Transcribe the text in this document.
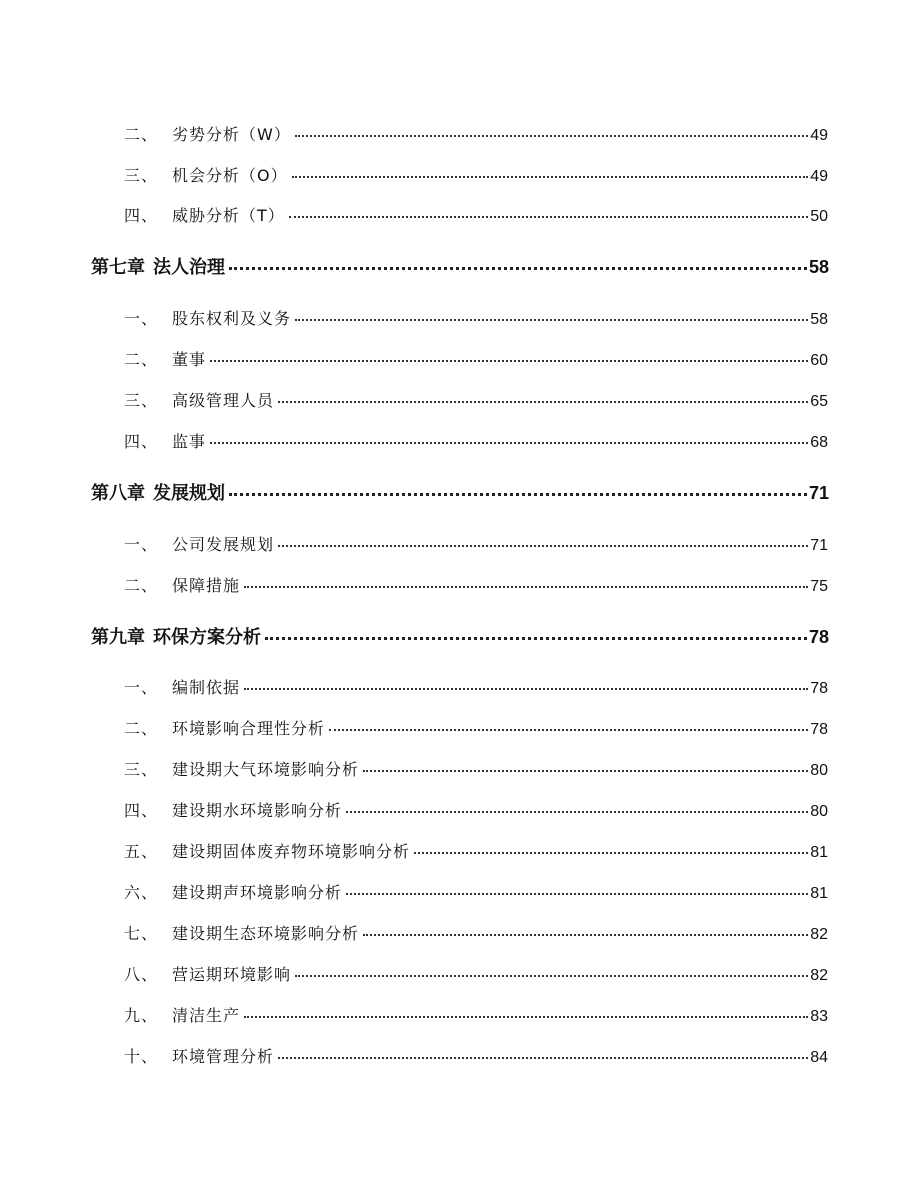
二、 劣势分析（W）	49
三、 机会分析（O）	49
四、 威胁分析（T）	50
第七章 法人治理	58
一、 股东权利及义务	58
二、 董事	60
三、 高级管理人员	65
四、 监事	68
第八章 发展规划	71
一、 公司发展规划	71
二、 保障措施	75
第九章 环保方案分析	78
一、 编制依据	78
二、 环境影响合理性分析	78
三、 建设期大气环境影响分析	80
四、 建设期水环境影响分析	80
五、 建设期固体废弃物环境影响分析	81
六、 建设期声环境影响分析	81
七、 建设期生态环境影响分析	82
八、 营运期环境影响	82
九、 清洁生产	83
十、 环境管理分析	84
